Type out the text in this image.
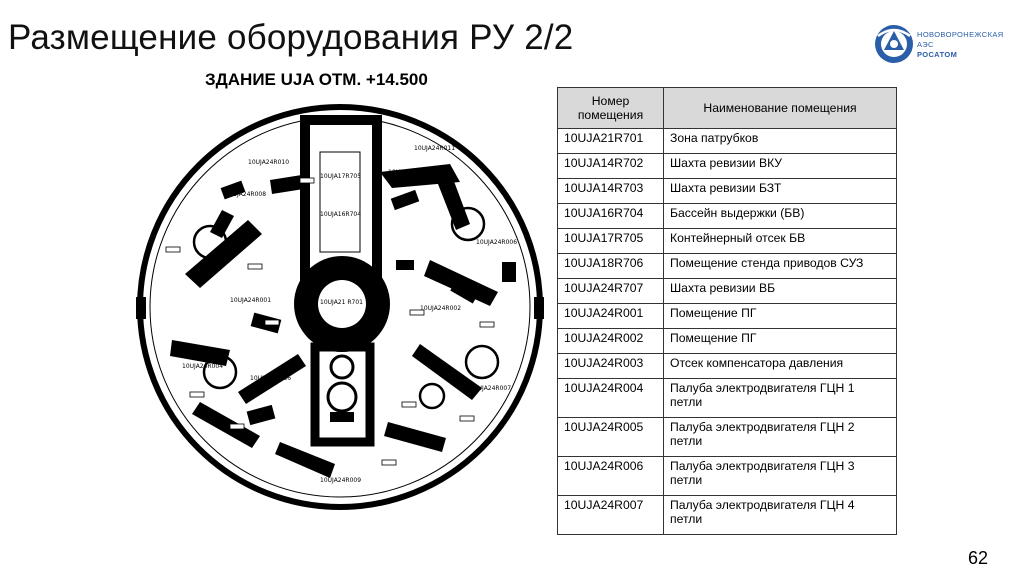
Размещение оборудования РУ 2/2	НОВОВОРОНЕЖСКАЯ
АЭС
РОСАТОМ
ЗДАНИЕ UJA ОТМ. +14.500
10UJA21 R701
10UJA17R705
10UJA16R704
10UJA24R010
10UJA24R011
10UJA24R008
10UJA24R002
10UJA24R006
10UJA24R001
10UJA24R002
10UJA24R004
10UJA24R786
10UJA24R007
10UJA24R009
Номер помещения	Наименование помещения
10UJA21R701	Зона патрубков
10UJA14R702	Шахта ревизии ВКУ
10UJA14R703	Шахта ревизии БЗТ
10UJA16R704	Бассейн выдержки (БВ)
10UJA17R705	Контейнерный отсек БВ
10UJA18R706	Помещение стенда приводов СУЗ
10UJA24R707	Шахта ревизии ВБ
10UJA24R001	Помещение ПГ
10UJA24R002	Помещение ПГ
10UJA24R003	Отсек компенсатора давления
10UJA24R004	Палуба электродвигателя ГЦН 1 петли
10UJA24R005	Палуба электродвигателя ГЦН 2 петли
10UJA24R006	Палуба электродвигателя ГЦН 3 петли
10UJA24R007	Палуба электродвигателя ГЦН 4 петли
62
